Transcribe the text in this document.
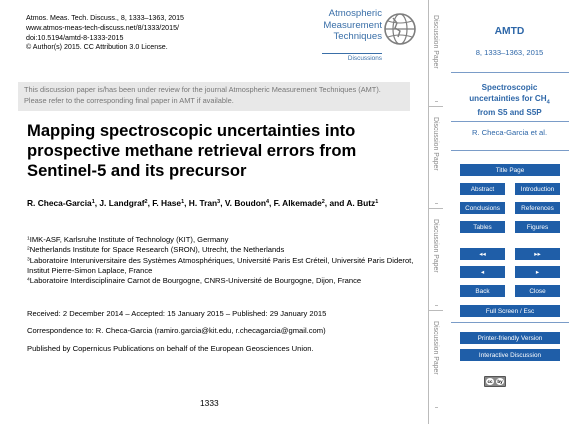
Atmos. Meas. Tech. Discuss., 8, 1333–1363, 2015
www.atmos-meas-tech-discuss.net/8/1333/2015/
doi:10.5194/amtd-8-1333-2015
© Author(s) 2015. CC Attribution 3.0 License.
Atmospheric
Measurement
Techniques
Discussions
This discussion paper is/has been under review for the journal Atmospheric Measurement Techniques (AMT). Please refer to the corresponding final paper in AMT if available.
Mapping spectroscopic uncertainties into prospective methane retrieval errors from Sentinel-5 and its precursor
R. Checa-Garcia$^1$, J. Landgraf$^2$, F. Hase$^1$, H. Tran$^3$, V. Boudon$^4$, F. Alkemade$^2$, and A. Butz$^1$

$^1$IMK-ASF, Karlsruhe Institute of Technology (KIT), Germany

$^2$Netherlands Institute for Space Research (SRON), Utrecht, the Netherlands

$^3$Laboratoire Interuniversitaire des Systèmes Atmosphériques, Université Paris Est Créteil, Université Paris Diderot, Institut Pierre-Simon Laplace, France

$^4$Laboratoire Interdisciplinaire Carnot de Bourgogne, CNRS-Université de Bourgogne, Dijon, France

Received: 2 December 2014 – Accepted: 15 January 2015 – Published: 29 January 2015
Correspondence to: R. Checa-Garcia (ramiro.garcia@kit.edu, r.checagarcia@gmail.com)
Published by Copernicus Publications on behalf of the European Geosciences Union.
1333
Discussion Paper
Discussion Paper
Discussion Paper
Discussion Paper
AMTD
8, 1333–1363, 2015
Spectroscopic
uncertainties for $CH_4$
from S5 and S5P
R. Checa-Garcia et al.
Title Page
Abstract	Introduction
Conclusions	References
Tables	Figures
◂◂	▸▸
◂	▸
Back	Close
Full Screen / Esc
Printer-friendly Version
Interactive Discussion
cc	by
